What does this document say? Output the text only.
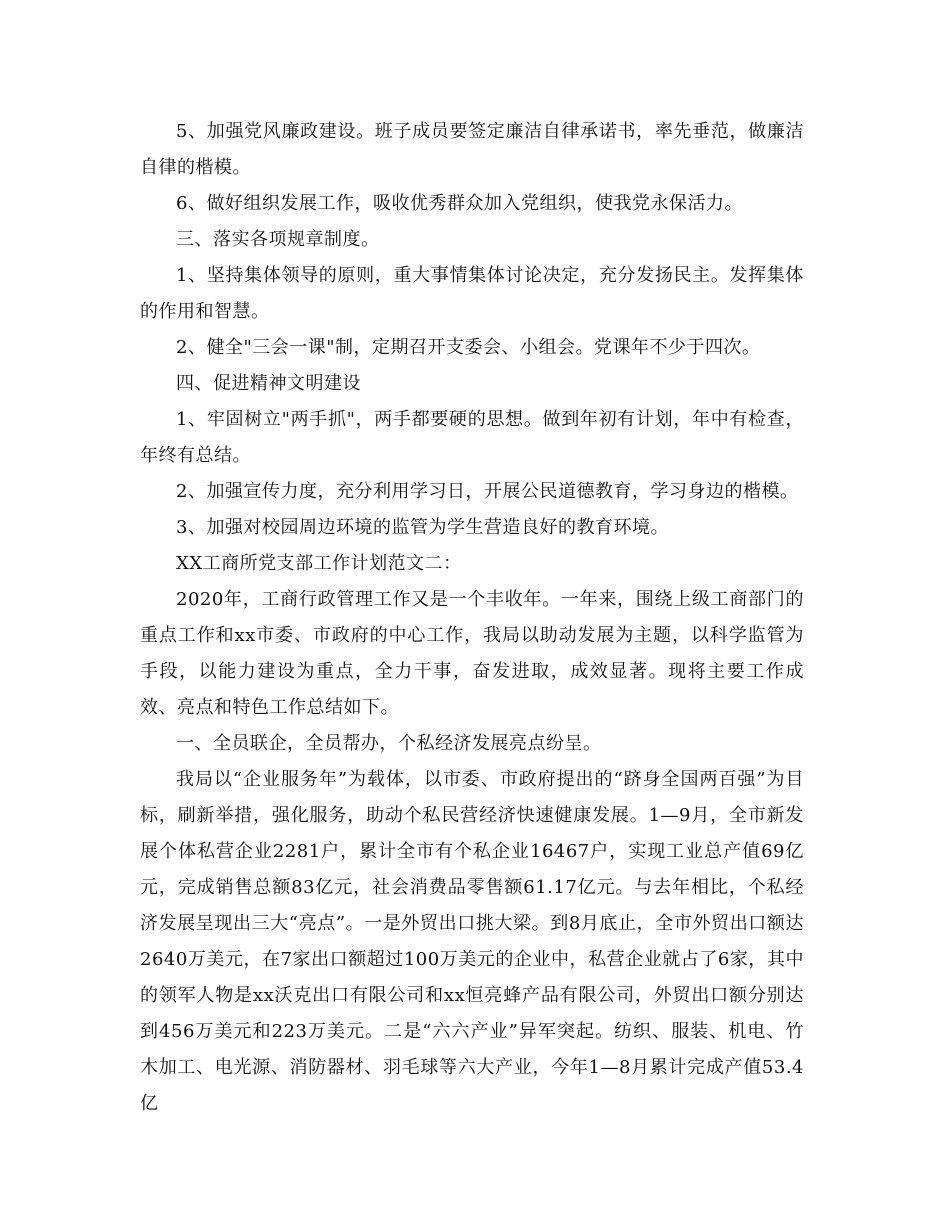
5、加强党风廉政建设。班子成员要签定廉洁自律承诺书，率先垂范，做廉洁自律的楷模。

6、做好组织发展工作，吸收优秀群众加入党组织，使我党永保活力。

三、落实各项规章制度。

1、坚持集体领导的原则，重大事情集体讨论决定，充分发扬民主。发挥集体的作用和智慧。

2、健全"三会一课"制，定期召开支委会、小组会。党课年不少于四次。

四、促进精神文明建设

1、牢固树立"两手抓"，两手都要硬的思想。做到年初有计划，年中有检查，年终有总结。

2、加强宣传力度，充分利用学习日，开展公民道德教育，学习身边的楷模。

3、加强对校园周边环境的监管为学生营造良好的教育环境。

XX工商所党支部工作计划范文二：

2020年，工商行政管理工作又是一个丰收年。一年来，围绕上级工商部门的重点工作和xx市委、市政府的中心工作，我局以助动发展为主题，以科学监管为手段，以能力建设为重点，全力干事，奋发进取，成效显著。现将主要工作成效、亮点和特色工作总结如下。

一、全员联企，全员帮办，个私经济发展亮点纷呈。

我局以“企业服务年”为载体，以市委、市政府提出的“跻身全国两百强”为目标，刷新举措，强化服务，助动个私民营经济快速健康发展。1—9月，全市新发展个体私营企业2281户，累计全市有个私企业16467户，实现工业总产值69亿元，完成销售总额83亿元，社会消费品零售额61.17亿元。与去年相比，个私经济发展呈现出三大“亮点”。一是外贸出口挑大梁。到8月底止，全市外贸出口额达2640万美元，在7家出口额超过100万美元的企业中，私营企业就占了6家，其中的领军人物是xx沃克出口有限公司和xx恒亮蜂产品有限公司，外贸出口额分别达到456万美元和223万美元。二是“六六产业”异军突起。纺织、服装、机电、竹木加工、电光源、消防器材、羽毛球等六大产业，今年1—8月累计完成产值53.4亿
